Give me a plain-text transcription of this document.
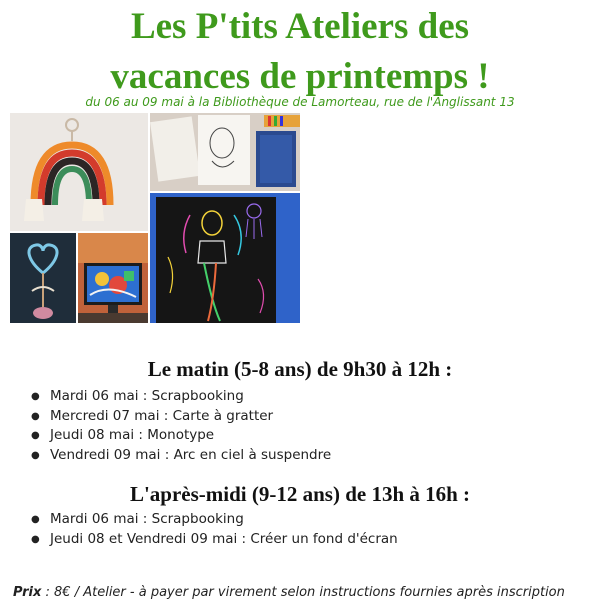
Les P'tits Ateliers des
vacances de printemps !
du 06 au 09 mai à la Bibliothèque de Lamorteau, rue de l'Anglissant 13
Le matin (5-8 ans) de 9h30 à 12h :
● Mardi 06 mai : Scrapbooking
● Mercredi 07 mai : Carte à gratter
● Jeudi 08 mai : Monotype
● Vendredi 09 mai : Arc en ciel à suspendre
L'après-midi (9-12 ans) de 13h à 16h :
● Mardi 06 mai : Scrapbooking
● Jeudi 08 et Vendredi 09 mai : Créer un fond d'écran
Prix : 8€ / Atelier - à payer par virement selon instructions fournies après inscription
